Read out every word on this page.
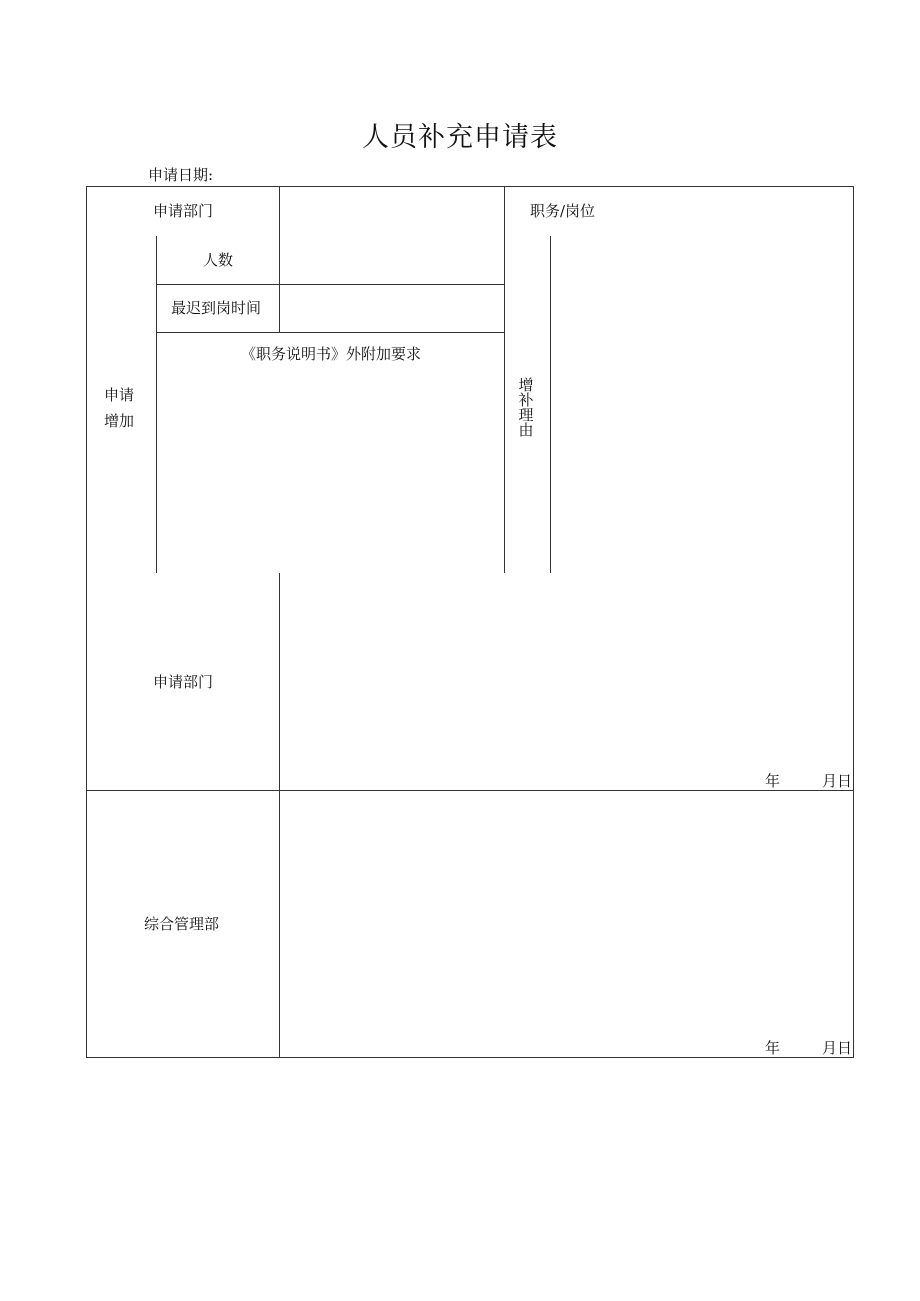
人员补充申请表
申请日期:
申请部门	职务/岗位
人数
最迟到岗时间
《职务说明书》外附加要求
申请
增加
增补理由
申请部门
年	月日
综合管理部
年	月日
